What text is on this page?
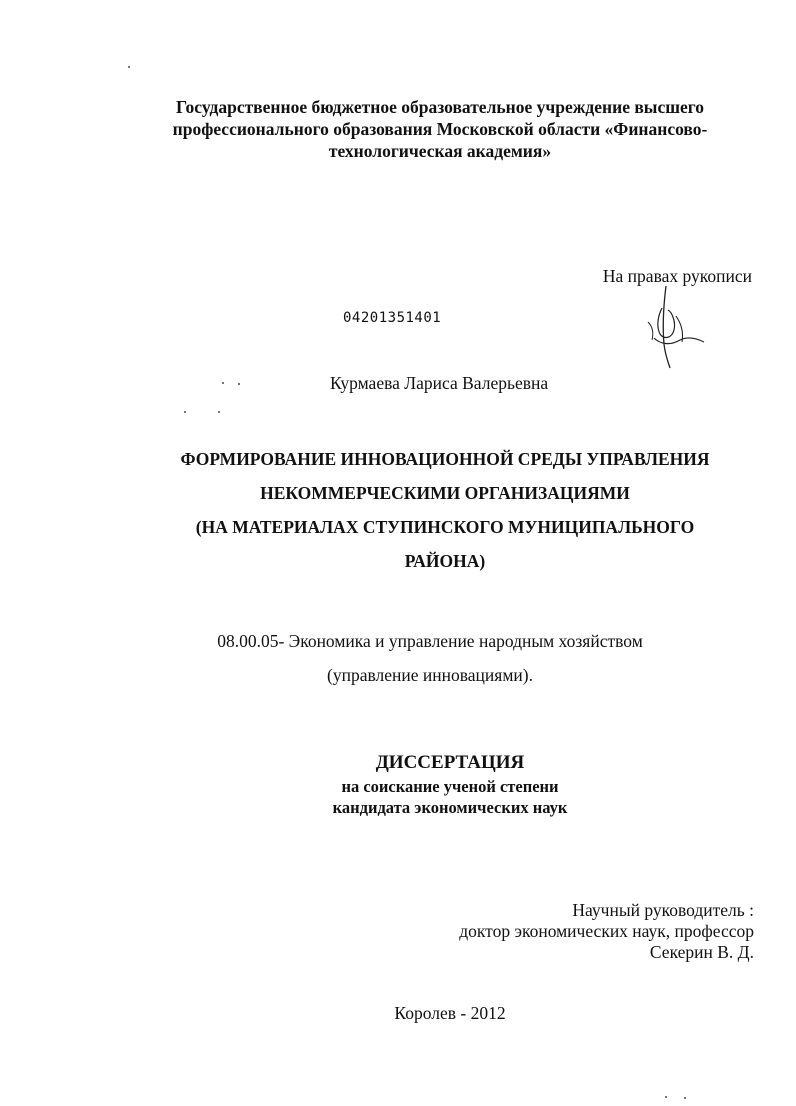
Государственное бюджетное образовательное учреждение высшего
профессионального образования Московской области «Финансово-
технологическая академия»
На правах рукописи
04201351401
Курмаева Лариса Валерьевна
ФОРМИРОВАНИЕ ИННОВАЦИОННОЙ СРЕДЫ УПРАВЛЕНИЯ
НЕКОММЕРЧЕСКИМИ ОРГАНИЗАЦИЯМИ
(НА МАТЕРИАЛАХ СТУПИНСКОГО МУНИЦИПАЛЬНОГО
РАЙОНА)
08.00.05- Экономика и управление народным хозяйством
(управление инновациями).
ДИССЕРТАЦИЯ
на соискание ученой степени
кандидата экономических наук
Научный руководитель :
доктор экономических наук, профессор
Секерин В. Д.
Королев - 2012
